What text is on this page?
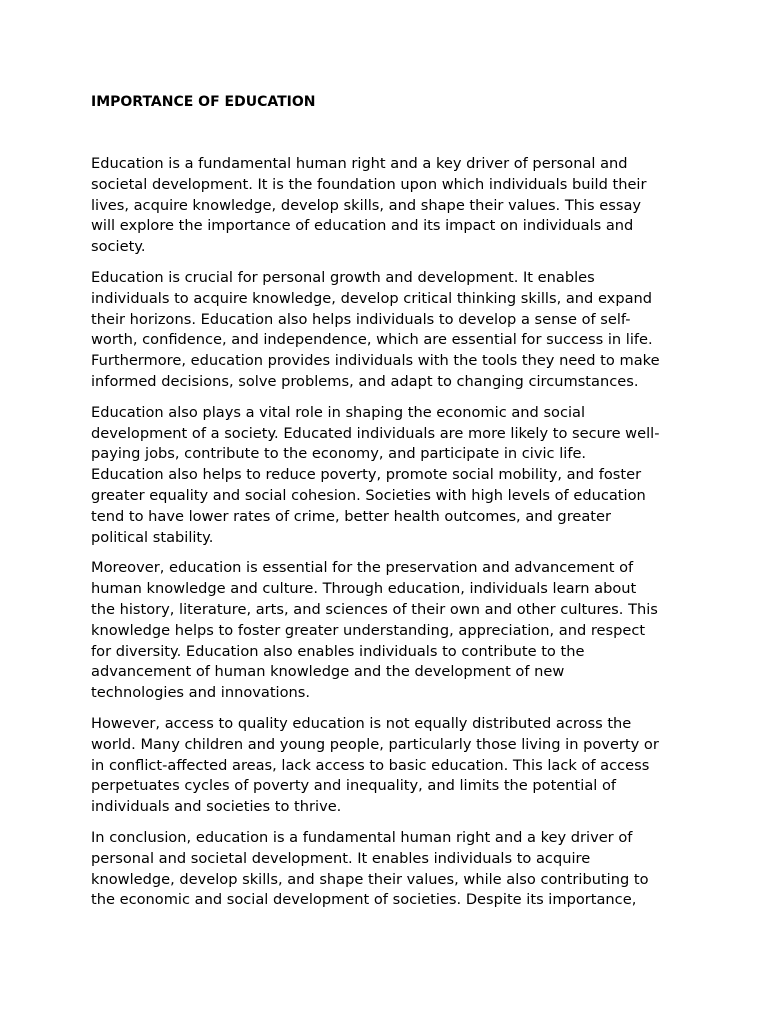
IMPORTANCE OF EDUCATION

Education is a fundamental human right and a key driver of personal and
societal development. It is the foundation upon which individuals build their
lives, acquire knowledge, develop skills, and shape their values. This essay
will explore the importance of education and its impact on individuals and
society.

Education is crucial for personal growth and development. It enables
individuals to acquire knowledge, develop critical thinking skills, and expand
their horizons. Education also helps individuals to develop a sense of self-
worth, confidence, and independence, which are essential for success in life.
Furthermore, education provides individuals with the tools they need to make
informed decisions, solve problems, and adapt to changing circumstances.

Education also plays a vital role in shaping the economic and social
development of a society. Educated individuals are more likely to secure well-
paying jobs, contribute to the economy, and participate in civic life.
Education also helps to reduce poverty, promote social mobility, and foster
greater equality and social cohesion. Societies with high levels of education
tend to have lower rates of crime, better health outcomes, and greater
political stability.

Moreover, education is essential for the preservation and advancement of
human knowledge and culture. Through education, individuals learn about
the history, literature, arts, and sciences of their own and other cultures. This
knowledge helps to foster greater understanding, appreciation, and respect
for diversity. Education also enables individuals to contribute to the
advancement of human knowledge and the development of new
technologies and innovations.

However, access to quality education is not equally distributed across the
world. Many children and young people, particularly those living in poverty or
in conflict-affected areas, lack access to basic education. This lack of access
perpetuates cycles of poverty and inequality, and limits the potential of
individuals and societies to thrive.

In conclusion, education is a fundamental human right and a key driver of
personal and societal development. It enables individuals to acquire
knowledge, develop skills, and shape their values, while also contributing to
the economic and social development of societies. Despite its importance,
